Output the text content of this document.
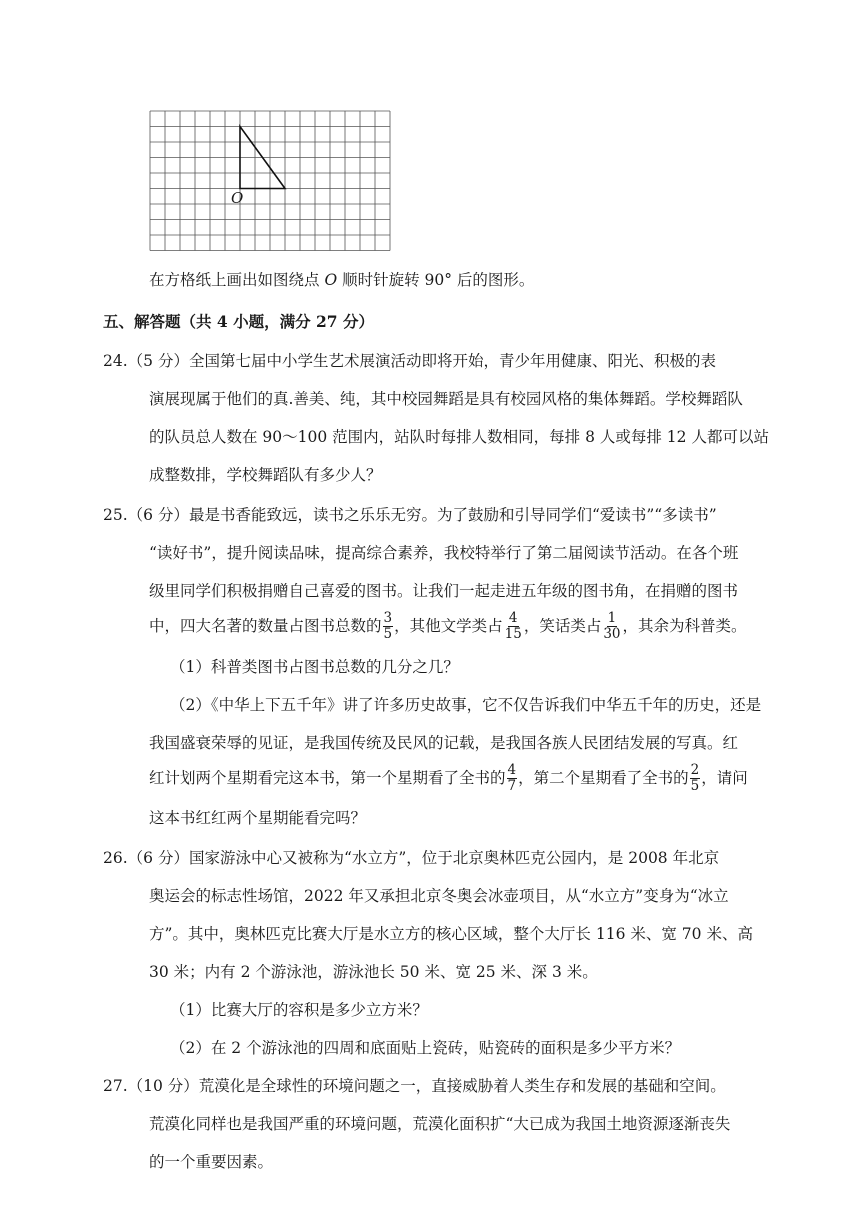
O
在方格纸上画出如图绕点 O 顺时针旋转 90° 后的图形。
五、解答题（共 4 小题，满分 27 分）
24.（5 分）全国第七届中小学生艺术展演活动即将开始，青少年用健康、阳光、积极的表
演展现属于他们的真.善美、纯，其中校园舞蹈是具有校园风格的集体舞蹈。学校舞蹈队
的队员总人数在 90～100 范围内，站队时每排人数相同，每排 8 人或每排 12 人都可以站
成整数排，学校舞蹈队有多少人？
25.（6 分）最是书香能致远，读书之乐乐无穷。为了鼓励和引导同学们“爱读书”“多读书”
“读好书”，提升阅读品味，提高综合素养，我校特举行了第二届阅读节活动。在各个班
级里同学们积极捐赠自己喜爱的图书。让我们一起走进五年级的图书角，在捐赠的图书
中，四大名著的数量占图书总数的 $\frac{3}{5}$ ，其他文学类占 $\frac{4}{15}$ ，笑话类占 $\frac{1}{30}$ ，其余为科普类。
（1）科普类图书占图书总数的几分之几？
（2）《中华上下五千年》讲了许多历史故事，它不仅告诉我们中华五千年的历史，还是
我国盛衰荣辱的见证，是我国传统及民风的记载，是我国各族人民团结发展的写真。红
红计划两个星期看完这本书，第一个星期看了全书的 $\frac{4}{7}$ ，第二个星期看了全书的 $\frac{2}{5}$ ，请问
这本书红红两个星期能看完吗？
26.（6 分）国家游泳中心又被称为“水立方”，位于北京奥林匹克公园内，是 2008 年北京
奥运会的标志性场馆，2022 年又承担北京冬奥会冰壶项目，从“水立方”变身为“冰立
方”。其中，奥林匹克比赛大厅是水立方的核心区域，整个大厅长 116 米、宽 70 米、高
30 米；内有 2 个游泳池，游泳池长 50 米、宽 25 米、深 3 米。
（1）比赛大厅的容积是多少立方米？
（2）在 2 个游泳池的四周和底面贴上瓷砖，贴瓷砖的面积是多少平方米？
27.（10 分）荒漠化是全球性的环境问题之一，直接威胁着人类生存和发展的基础和空间。
荒漠化同样也是我国严重的环境问题，荒漠化面积扩“大已成为我国土地资源逐渐丧失
的一个重要因素。
